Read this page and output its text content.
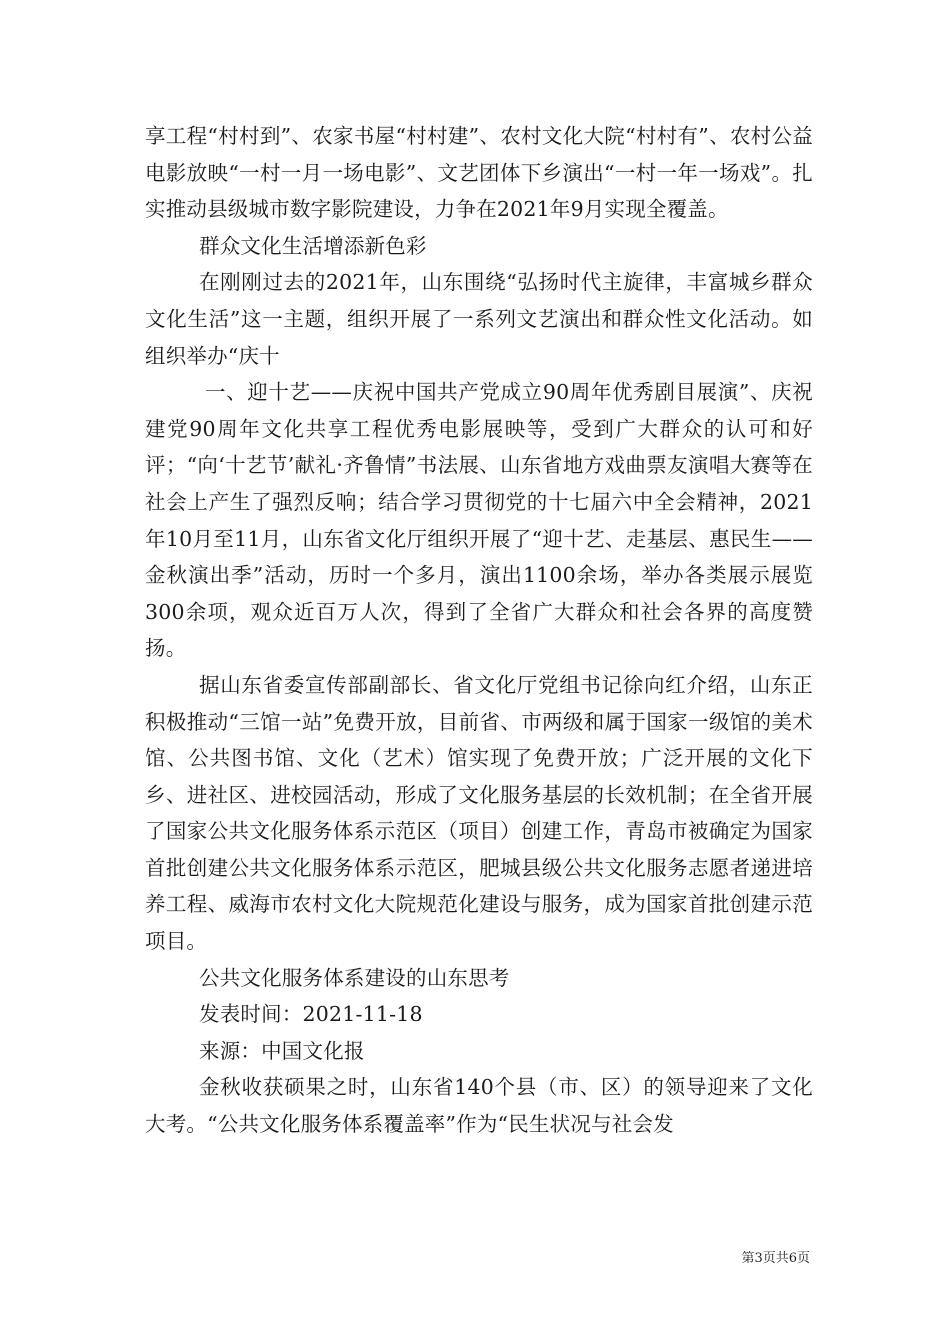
享工程“村村到”、农家书屋“村村建”、农村文化大院“村村有”、农村公益电影放映“一村一月一场电影”、文艺团体下乡演出“一村一年一场戏”。扎实推动县级城市数字影院建设，力争在2021年9月实现全覆盖。

群众文化生活增添新色彩

在刚刚过去的2021年，山东围绕“弘扬时代主旋律，丰富城乡群众文化生活”这一主题，组织开展了一系列文艺演出和群众性文化活动。如组织举办“庆十

一、迎十艺——庆祝中国共产党成立90周年优秀剧目展演”、庆祝建党90周年文化共享工程优秀电影展映等，受到广大群众的认可和好评；“向‘十艺节’献礼·齐鲁情”书法展、山东省地方戏曲票友演唱大赛等在社会上产生了强烈反响；结合学习贯彻党的十七届六中全会精神，2021年10月至11月，山东省文化厅组织开展了“迎十艺、走基层、惠民生——金秋演出季”活动，历时一个多月，演出1100余场，举办各类展示展览300余项，观众近百万人次，得到了全省广大群众和社会各界的高度赞扬。

据山东省委宣传部副部长、省文化厅党组书记徐向红介绍，山东正积极推动“三馆一站”免费开放，目前省、市两级和属于国家一级馆的美术馆、公共图书馆、文化（艺术）馆实现了免费开放；广泛开展的文化下乡、进社区、进校园活动，形成了文化服务基层的长效机制；在全省开展了国家公共文化服务体系示范区（项目）创建工作，青岛市被确定为国家首批创建公共文化服务体系示范区，肥城县级公共文化服务志愿者递进培养工程、威海市农村文化大院规范化建设与服务，成为国家首批创建示范项目。

公共文化服务体系建设的山东思考

发表时间：2021-11-18

来源：中国文化报

金秋收获硕果之时，山东省140个县（市、区）的领导迎来了文化大考。“公共文化服务体系覆盖率”作为“民生状况与社会发

第3页共6页
